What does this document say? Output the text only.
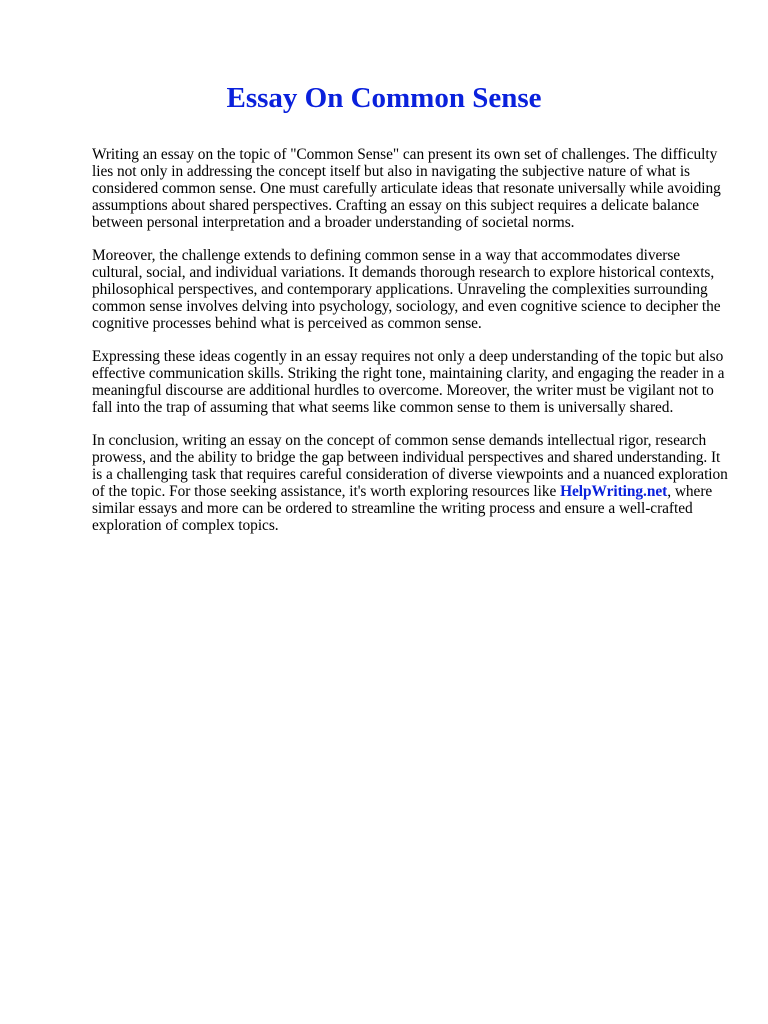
Essay On Common Sense

Writing an essay on the topic of "Common Sense" can present its own set of challenges. The difficulty lies not only in addressing the concept itself but also in navigating the subjective nature of what is considered common sense. One must carefully articulate ideas that resonate universally while avoiding assumptions about shared perspectives. Crafting an essay on this subject requires a delicate balance between personal interpretation and a broader understanding of societal norms.

Moreover, the challenge extends to defining common sense in a way that accommodates diverse cultural, social, and individual variations. It demands thorough research to explore historical contexts, philosophical perspectives, and contemporary applications. Unraveling the complexities surrounding common sense involves delving into psychology, sociology, and even cognitive science to decipher the cognitive processes behind what is perceived as common sense.

Expressing these ideas cogently in an essay requires not only a deep understanding of the topic but also effective communication skills. Striking the right tone, maintaining clarity, and engaging the reader in a meaningful discourse are additional hurdles to overcome. Moreover, the writer must be vigilant not to fall into the trap of assuming that what seems like common sense to them is universally shared.

In conclusion, writing an essay on the concept of common sense demands intellectual rigor, research prowess, and the ability to bridge the gap between individual perspectives and shared understanding. It is a challenging task that requires careful consideration of diverse viewpoints and a nuanced exploration of the topic. For those seeking assistance, it's worth exploring resources like HelpWriting.net, where similar essays and more can be ordered to streamline the writing process and ensure a well-crafted exploration of complex topics.
